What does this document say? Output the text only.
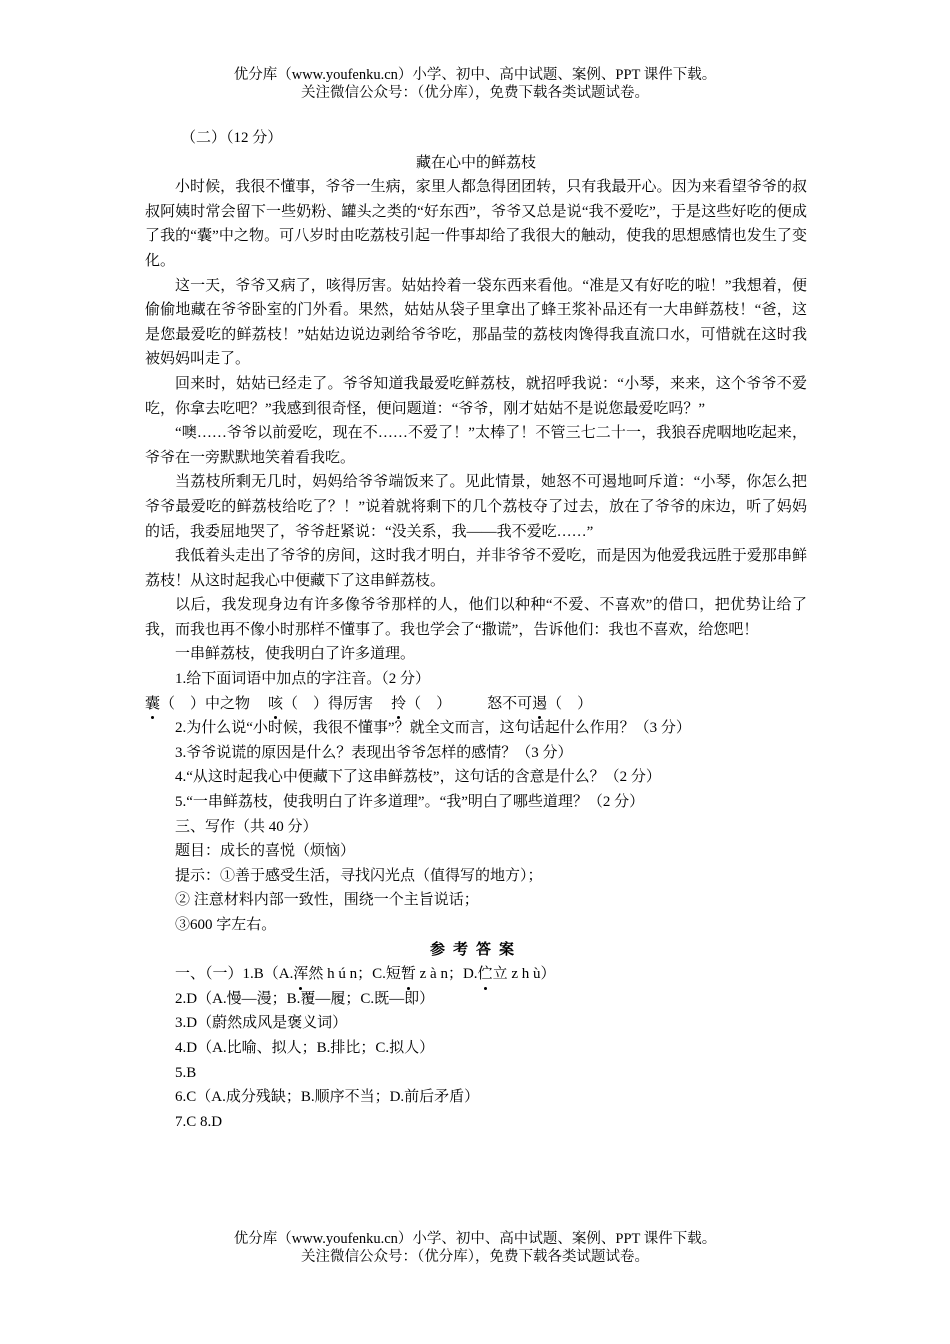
优分库（www.youfenku.cn）小学、初中、高中试题、案例、PPT 课件下载。
关注微信公众号：（优分库），免费下载各类试题试卷。

（二）（12 分）

藏在心中的鲜荔枝

小时候，我很不懂事，爷爷一生病，家里人都急得团团转，只有我最开心。因为来看望爷爷的叔叔阿姨时常会留下一些奶粉、罐头之类的“好东西”，爷爷又总是说“我不爱吃”，于是这些好吃的便成了我的“囊”中之物。可八岁时由吃荔枝引起一件事却给了我很大的触动，使我的思想感情也发生了变化。

这一天，爷爷又病了，咳得厉害。姑姑拎着一袋东西来看他。“准是又有好吃的啦！”我想着，便偷偷地藏在爷爷卧室的门外看。果然，姑姑从袋子里拿出了蜂王浆补品还有一大串鲜荔枝！“爸，这是您最爱吃的鲜荔枝！”姑姑边说边剥给爷爷吃，那晶莹的荔枝肉馋得我直流口水，可惜就在这时我被妈妈叫走了。

回来时，姑姑已经走了。爷爷知道我最爱吃鲜荔枝，就招呼我说：“小琴，来来，这个爷爷不爱吃，你拿去吃吧？”我感到很奇怪，便问题道：“爷爷，刚才姑姑不是说您最爱吃吗？”

“噢……爷爷以前爱吃，现在不……不爱了！”太棒了！不管三七二十一，我狼吞虎咽地吃起来，爷爷在一旁默默地笑着看我吃。

当荔枝所剩无几时，妈妈给爷爷端饭来了。见此情景，她怒不可遏地呵斥道：“小琴，你怎么把爷爷最爱吃的鲜荔枝给吃了？！”说着就将剩下的几个荔枝夺了过去，放在了爷爷的床边，听了妈妈的话，我委屈地哭了，爷爷赶紧说：“没关系，我——我不爱吃……”

我低着头走出了爷爷的房间，这时我才明白，并非爷爷不爱吃，而是因为他爱我远胜于爱那串鲜荔枝！从这时起我心中便藏下了这串鲜荔枝。

以后，我发现身边有许多像爷爷那样的人，他们以种种“不爱、不喜欢”的借口，把优势让给了我，而我也再不像小时那样不懂事了。我也学会了“撒谎”，告诉他们：我也不喜欢，给您吧！

一串鲜荔枝，使我明白了许多道理。

1.给下面词语中加点的字注音。（2 分）

囊（　）中之物 咳（　）得厉害 拎（　） 怒不可遏（　）

2.为什么说“小时候，我很不懂事”？就全文而言，这句话起什么作用？（3 分）

3.爷爷说谎的原因是什么？表现出爷爷怎样的感情？（3 分）

4.“从这时起我心中便藏下了这串鲜荔枝”，这句话的含意是什么？（2 分）

5.“一串鲜荔枝，使我明白了许多道理”。“我”明白了哪些道理？（2 分）

三、写作（共 40 分）

题目：成长的喜悦（烦恼）

提示：①善于感受生活，寻找闪光点（值得写的地方）；

② 注意材料内部一致性，围绕一个主旨说话；

③600 字左右。

参考答案

一、（一）1.B（A.浑然 h ú n；C.短暂 z à n；D.伫立 z h ù）

2.D（A.慢—漫；B.覆—履；C.既—即）

3.D（蔚然成风是褒义词）

4.D（A.比喻、拟人；B.排比；C.拟人）

5.B

6.C（A.成分残缺；B.顺序不当；D.前后矛盾）

7.C 8.D

优分库（www.youfenku.cn）小学、初中、高中试题、案例、PPT 课件下载。
关注微信公众号：（优分库），免费下载各类试题试卷。
